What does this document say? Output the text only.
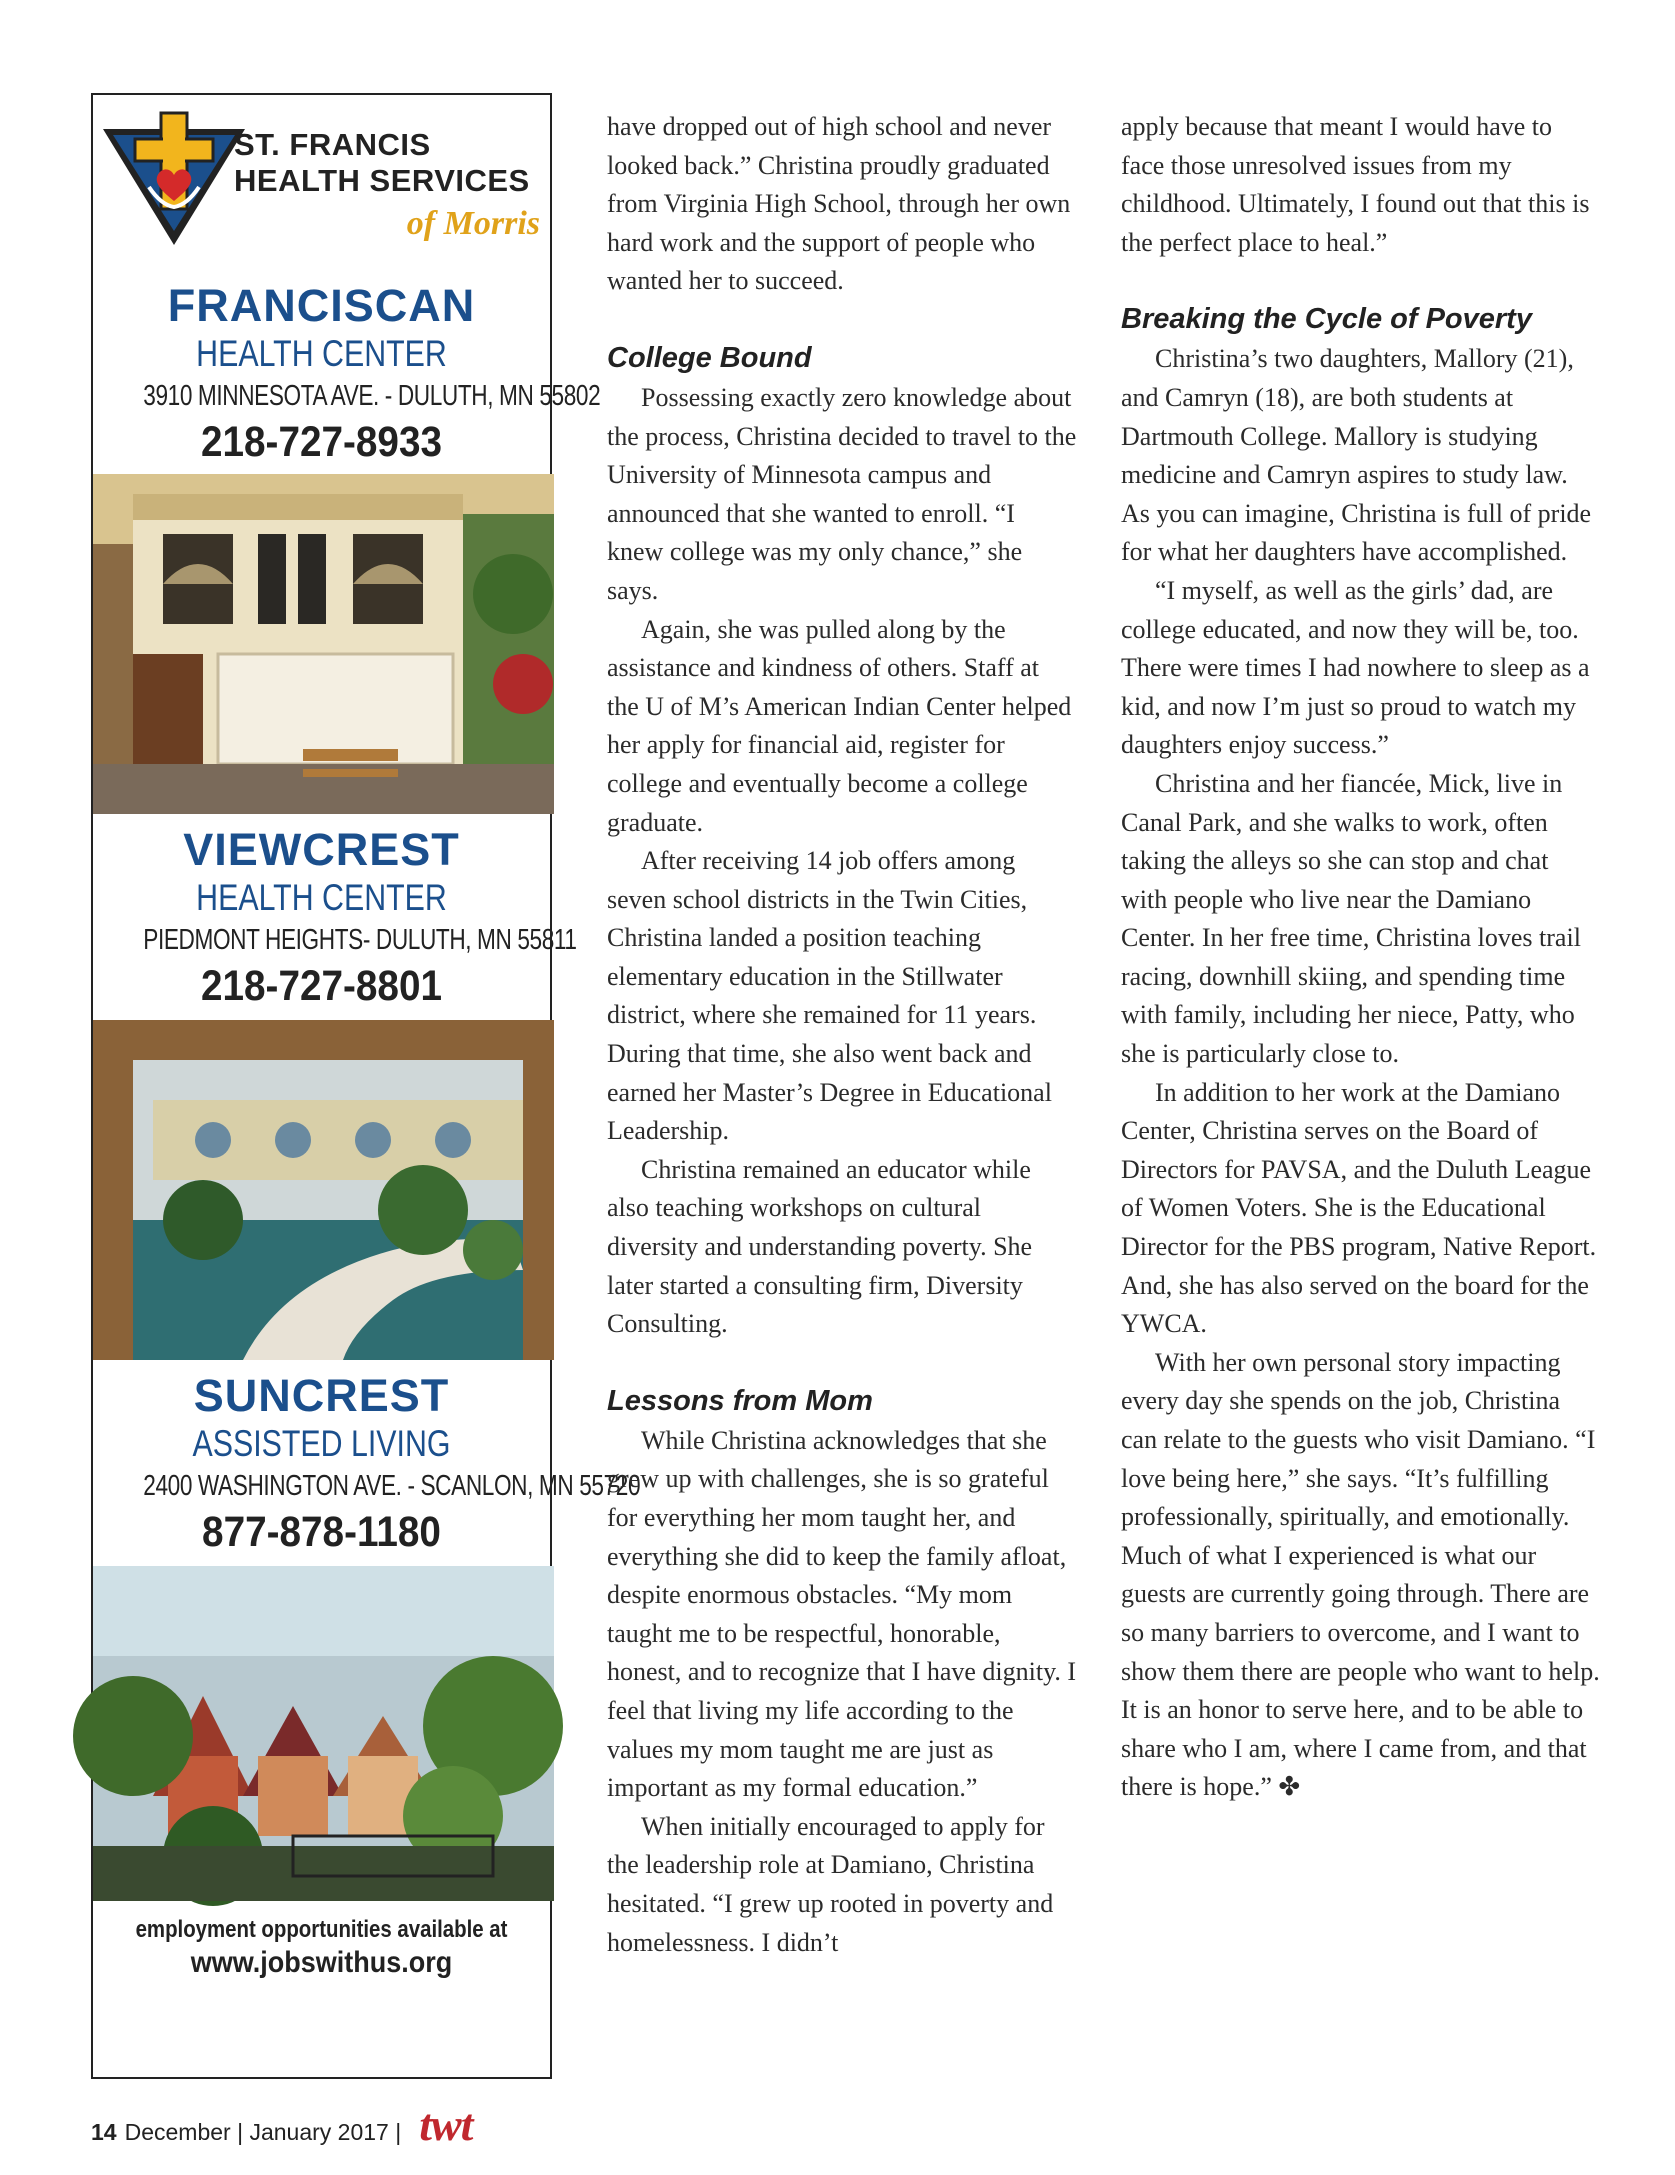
ST. FRANCIS
HEALTH SERVICES
of Morris
FRANCISCAN
HEALTH CENTER
3910 MINNESOTA AVE. - DULUTH, MN 55802
218-727-8933
VIEWCREST
HEALTH CENTER
PIEDMONT HEIGHTS- DULUTH, MN 55811
218-727-8801
SUNCREST
ASSISTED LIVING
2400 WASHINGTON AVE. - SCANLON, MN 55720
877-878-1180
employment opportunities available at
www.jobswithus.org

have dropped out of high school and never looked back.” Christina proudly graduated from Virginia High School, through her own hard work and the support of people who wanted her to succeed.

College Bound

Possessing exactly zero knowledge about the process, Christina decided to travel to the University of Minnesota campus and announced that she wanted to enroll. “I knew college was my only chance,” she says.

Again, she was pulled along by the assistance and kindness of others. Staff at the U of M’s American Indian Center helped her apply for financial aid, register for college and eventually become a college graduate.

After receiving 14 job offers among seven school districts in the Twin Cities, Christina landed a position teaching elementary education in the Stillwater district, where she remained for 11 years. During that time, she also went back and earned her Master’s Degree in Educational Leadership.

Christina remained an educator while also teaching workshops on cultural diversity and understanding poverty. She later started a consulting firm, Diversity Consulting.

Lessons from Mom

While Christina acknowledges that she grew up with challenges, she is so grateful for everything her mom taught her, and everything she did to keep the family afloat, despite enormous obstacles. “My mom taught me to be respectful, honorable, honest, and to recognize that I have dignity. I feel that living my life according to the values my mom taught me are just as important as my formal education.”

When initially encouraged to apply for the leadership role at Damiano, Christina hesitated. “I grew up rooted in poverty and homelessness. I didn’t

apply because that meant I would have to face those unresolved issues from my childhood. Ultimately, I found out that this is the perfect place to heal.”

Breaking the Cycle of Poverty

Christina’s two daughters, Mallory (21), and Camryn (18), are both students at Dartmouth College. Mallory is studying medicine and Camryn aspires to study law. As you can imagine, Christina is full of pride for what her daughters have accomplished.

“I myself, as well as the girls’ dad, are college educated, and now they will be, too. There were times I had nowhere to sleep as a kid, and now I’m just so proud to watch my daughters enjoy success.”

Christina and her fiancée, Mick, live in Canal Park, and she walks to work, often taking the alleys so she can stop and chat with people who live near the Damiano Center. In her free time, Christina loves trail racing, downhill skiing, and spending time with family, including her niece, Patty, who she is particularly close to.

In addition to her work at the Damiano Center, Christina serves on the Board of Directors for PAVSA, and the Duluth League of Women Voters. She is the Educational Director for the PBS program, Native Report. And, she has also served on the board for the YWCA.

With her own personal story impacting every day she spends on the job, Christina can relate to the guests who visit Damiano. “I love being here,” she says. “It’s fulfilling professionally, spiritually, and emotionally. Much of what I experienced is what our guests are currently going through. There are so many barriers to overcome, and I want to show them there are people who want to help. It is an honor to serve here, and to be able to share who I am, where I came from, and that there is hope.” ✤

14 December | January 2017 | twt
